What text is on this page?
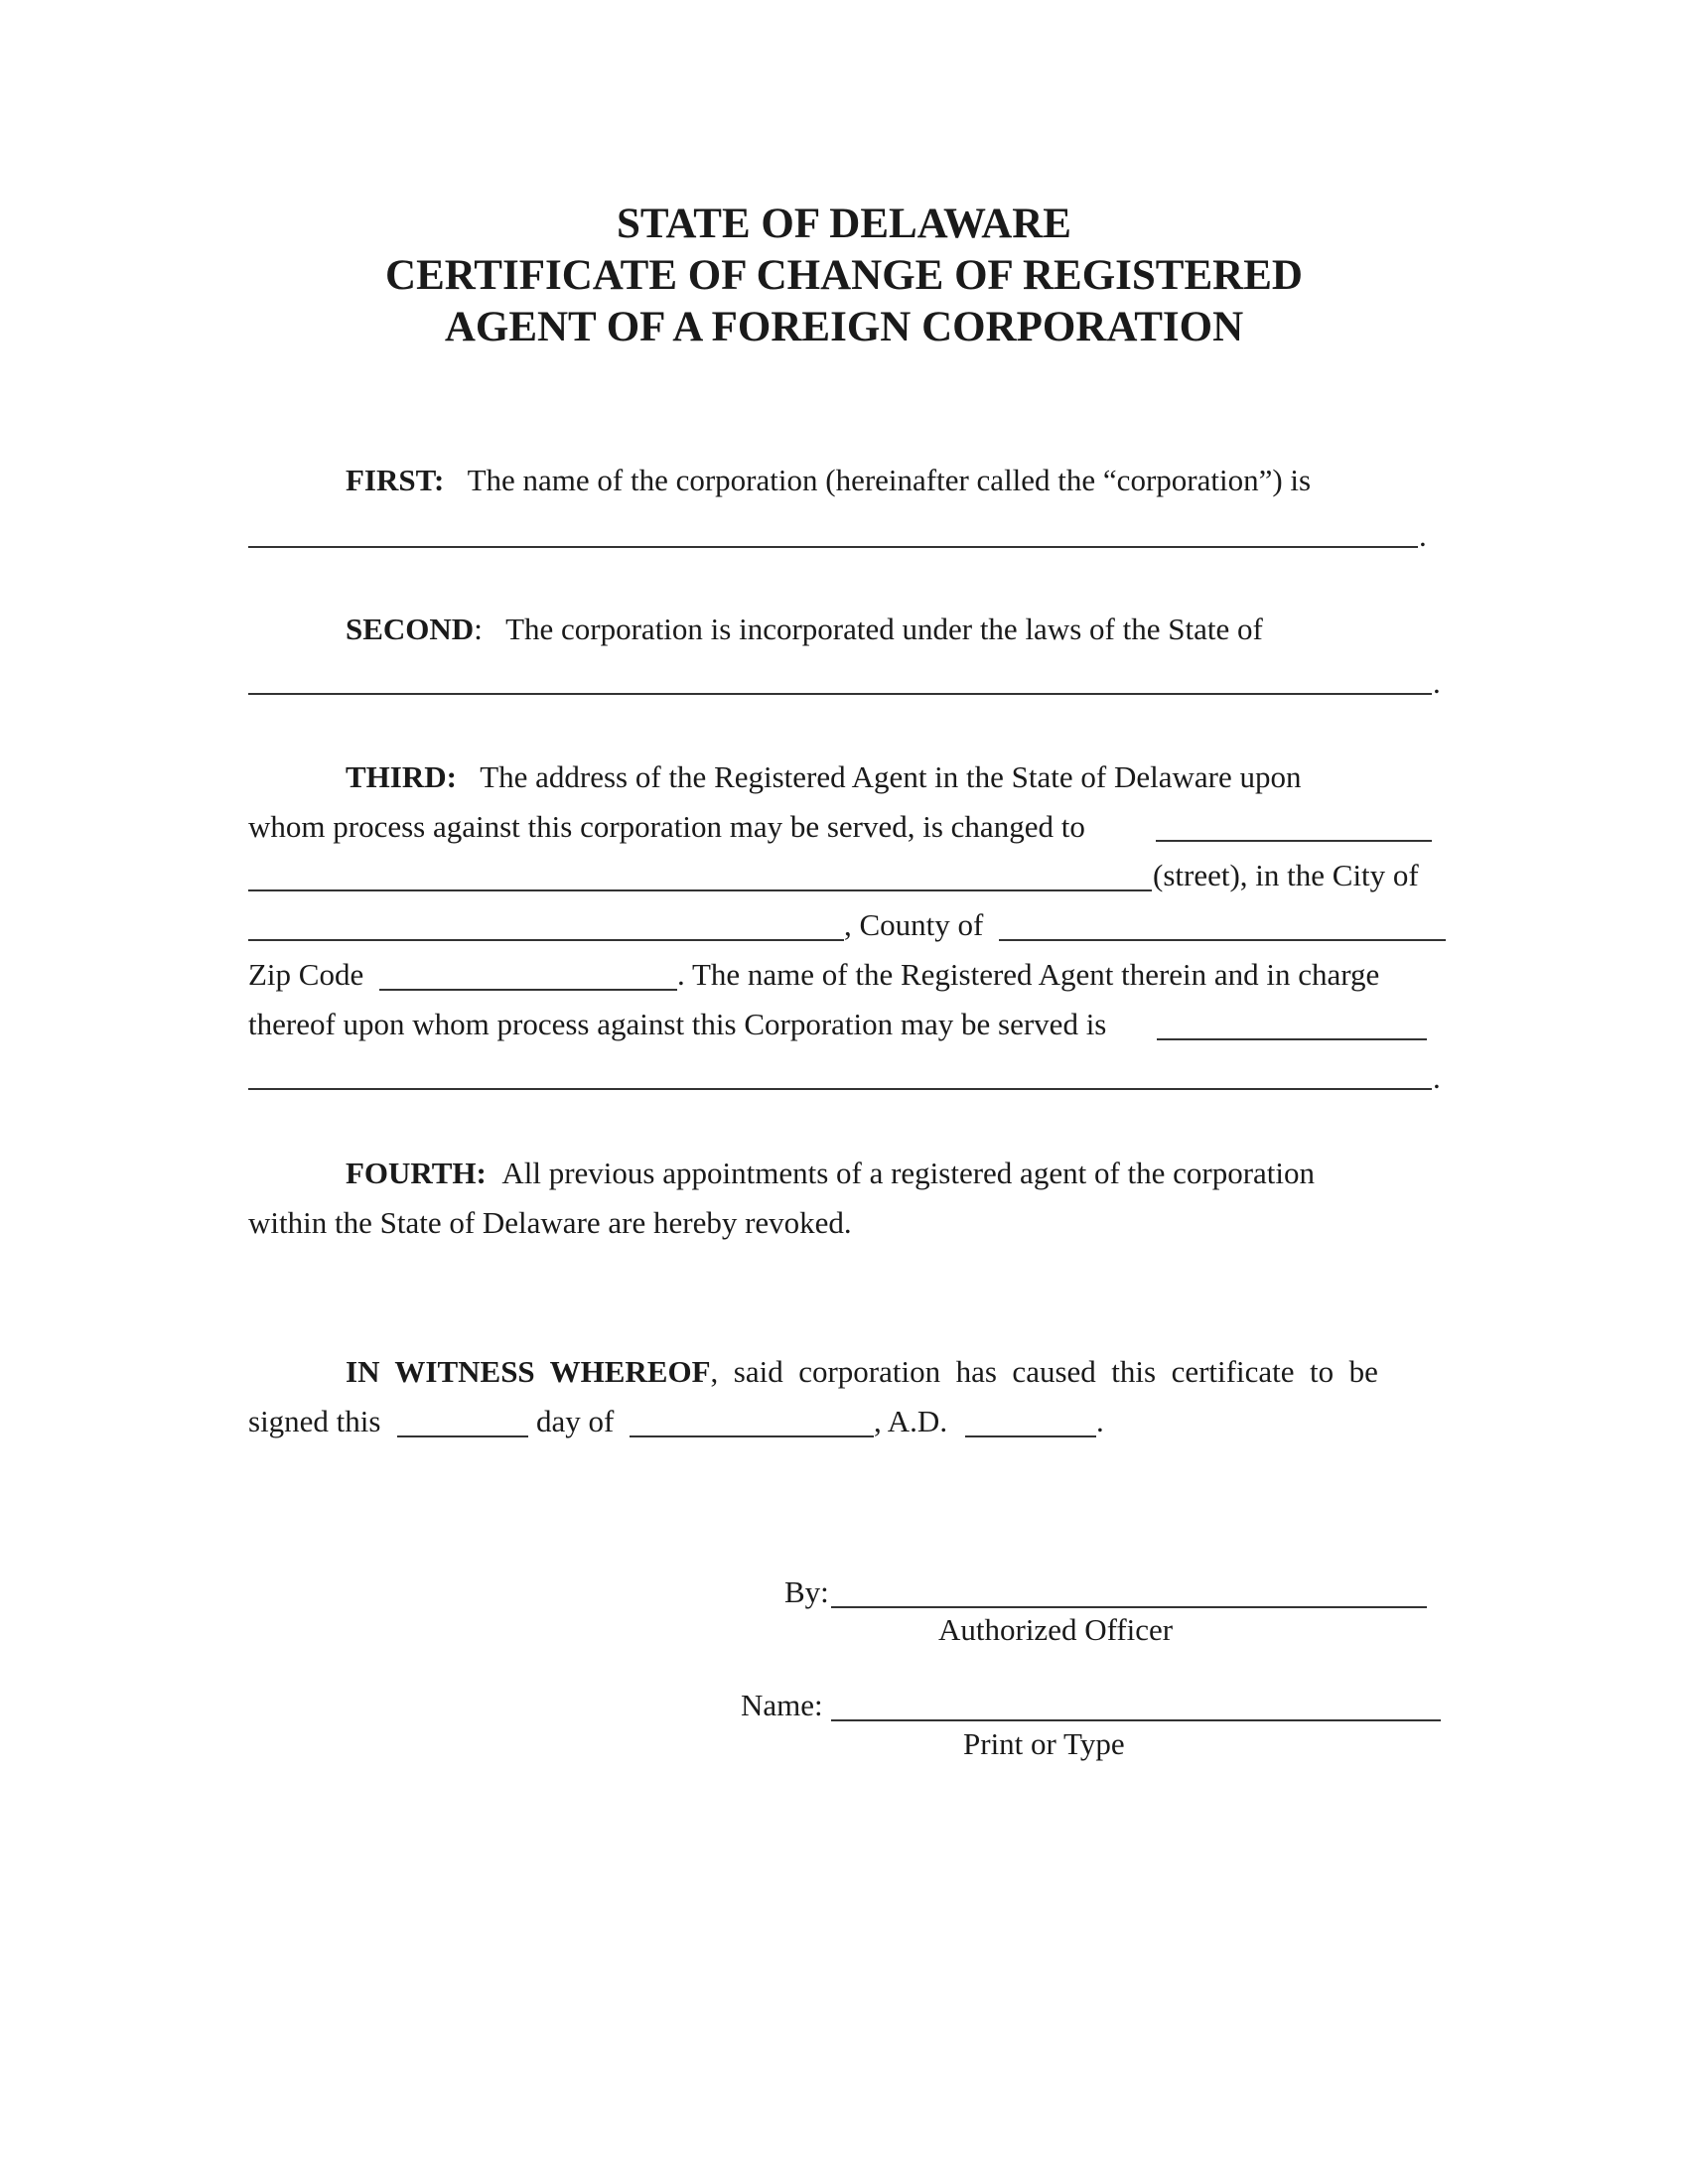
STATE OF DELAWARE
CERTIFICATE OF CHANGE OF REGISTERED
AGENT OF A FOREIGN CORPORATION
FIRST: The name of the corporation (hereinafter called the “corporation”) is
.
SECOND: The corporation is incorporated under the laws of the State of
.
THIRD: The address of the Registered Agent in the State of Delaware upon
whom process against this corporation may be served, is changed to
(street), in the City of
, County of
Zip Code	. The name of the Registered Agent therein and in charge
thereof upon whom process against this Corporation may be served is
.
FOURTH: All previous appointments of a registered agent of the corporation
within the State of Delaware are hereby revoked.
IN  WITNESS  WHEREOF,  said  corporation  has  caused  this  certificate  to  be
signed this	day of	, A.D.	.
By:
Authorized Officer
Name:
Print or Type
